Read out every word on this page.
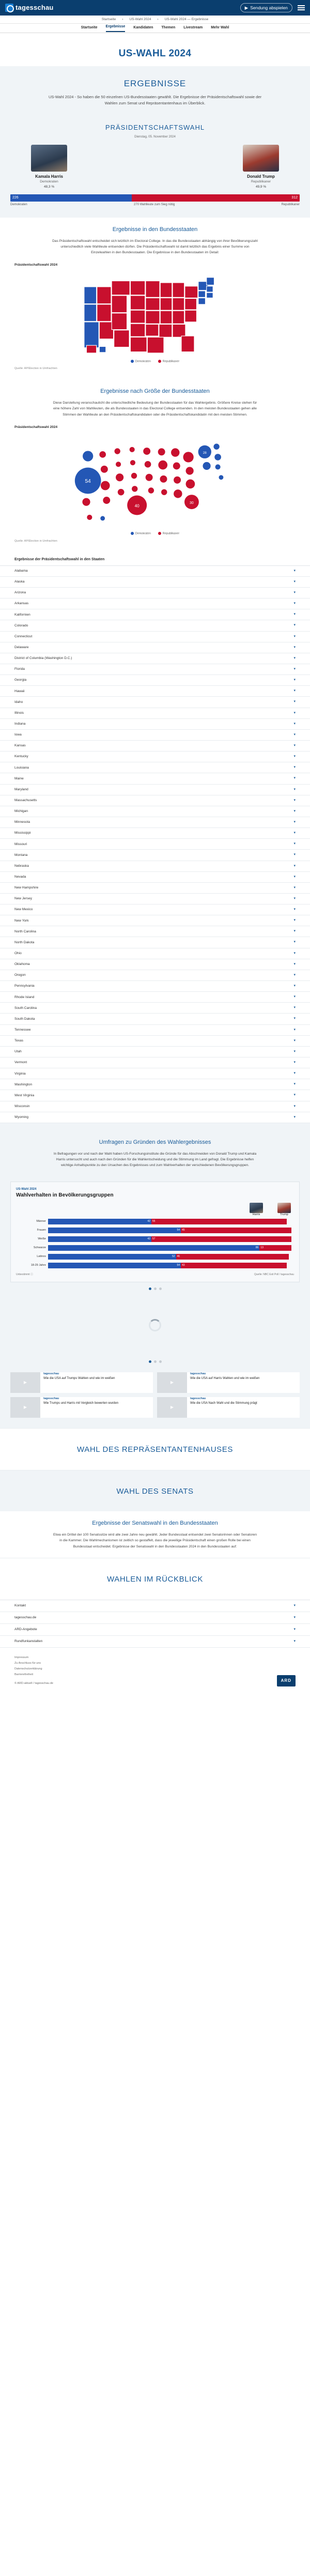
tagesschau	▶ Sendung abspielen
Startseite › US-Wahl 2024 › US-Wahl 2024 — Ergebnisse
Startseite Ergebnisse Kandidaten Themen Livestream Mehr Wahl
US-WAHL 2024
ERGEBNISSE
US-Wahl 2024 - So haben die 50 einzelnen US-Bundesstaaten gewählt. Die Ergebnisse der Präsidentschaftswahl sowie der Wahlen zum Senat und Repräsentantenhaus im Überblick.
PRÄSIDENTSCHAFTSWAHL
Dienstag, 05. November 2024
Kamala Harris
Demokraten
48,3 %
Donald Trump
Republikaner
49,9 %
226	312
Demokraten	270 Wahlleute zum Sieg nötig	Republikaner
Ergebnisse in den Bundesstaaten

Das Präsidentschaftswahl entscheidet sich letztlich im Electoral College. In das die Bundesstaaten abhängig von ihrer Bevölkerungszahl unterschiedlich viele Wahlleute entsenden dürfen. Die Präsidentschaftswahl ist damit letztlich das Ergebnis einer Summe von Einzelwahlen in den Bundesstaaten. Die Ergebnisse in den Bundesstaaten im Detail:

Präsidentschaftswahl 2024
Demokraten	Republikaner
Quelle: AP/Election in Umfrachten
Ergebnisse nach Größe der Bundesstaaten

Diese Darstellung veranschaulicht die unterschiedliche Bedeutung der Bundesstaaten für das Wahlergebnis. Größere Kreise stehen für eine höhere Zahl von Wahlleuten, die als Bundesstaaten in das Electoral College entsenden. In den meisten Bundesstaaten gehen alle Stimmen der Wahlleute an den Präsidentschaftskandidaten oder die Präsidentschaftskandidatin mit den meisten Stimmen.

Präsidentschaftswahl 2024
54
40
30
28
Demokraten	Republikaner
Quelle: AP/Election in Umfrachten
Ergebnisse der Präsidentschaftswahl in den Staaten
Alabama	▾
Alaska	▾
Arizona	▾
Arkansas	▾
Kalifornien	▾
Colorado	▾
Connecticut	▾
Delaware	▾
District of Columbia (Washington D.C.)	▾
Florida	▾
Georgia	▾
Hawaii	▾
Idaho	▾
Illinois	▾
Indiana	▾
Iowa	▾
Kansas	▾
Kentucky	▾
Louisiana	▾
Maine	▾
Maryland	▾
Massachusetts	▾
Michigan	▾
Minnesota	▾
Mississippi	▾
Missouri	▾
Montana	▾
Nebraska	▾
Nevada	▾
New Hampshire	▾
New Jersey	▾
New Mexico	▾
New York	▾
North Carolina	▾
North Dakota	▾
Ohio	▾
Oklahoma	▾
Oregon	▾
Pennsylvania	▾
Rhode Island	▾
South Carolina	▾
South Dakota	▾
Tennessee	▾
Texas	▾
Utah	▾
Vermont	▾
Virginia	▾
Washington	▾
West Virginia	▾
Wisconsin	▾
Wyoming	▾
Umfragen zu Gründen des Wahlergebnisses

In Befragungen vor und nach der Wahl haben US-Forschungsinstitute die Gründe für das Abschneiden von Donald Trump und Kamala Harris untersucht und auch nach den Gründen für die Wahlentscheidung und die Stimmung im Land gefragt. Die Ergebnisse helfen wichtige Anhaltspunkte zu den Ursachen des Ergebnisses und zum Wahlverhalten der verschiedenen Bevölkerungsgruppen.

US-Wahl 2024
Wahlverhalten in Bevölkerungsgruppen
Harris	Trump
Männer	42 55
Frauen	54 45
Weiße	42 57
Schwarze	86 13
Latinos	52 46
18-29 Jahre	54 43
Unbestimmt ⓘ	Quelle: NBC Exit Poll / tagesschau
▶
tagesschau
Wie die USA auf Trumps Wahlen und wie im weißen
▶
tagesschau
Wie die USA auf Harris Wahlen und wie im weißen
▶
tagesschau
Wie Trumps und Harris mit Vergleich bewerten wurden
▶
tagesschau
Wie die USA Nach Wahl und die Stimmung prägt
WAHL DES REPRÄSENTANTENHAUSES
WAHL DES SENATS
Ergebnisse der Senatswahl in den Bundesstaaten

Etwa ein Drittel der 100 Senatssitze wird alle zwei Jahre neu gewählt. Jeder Bundesstaat entsendet zwei Senatorinnen oder Senatoren in die Kammer. Die Wahlmechanismen ist zeitlich so gestaffelt, dass die jeweilige Präsidentschaft einen großen Rolle bei einen Bundesstaat entscheidet. Ergebnisse der Senatswahl in den Bundesstaaten 2024 in den Bundesstaaten auf:

WAHLEN IM RÜCKBLICK
Kontakt	▾
tagesschau.de	▾
ARD-Angebote	▾
Rundfunkanstalten	▾
Impressum
Zu Anschluss für uns
Datenschutzerklärung
Barrierefreiheit
© ARD-aktuell / tagesschau.de
ARD
